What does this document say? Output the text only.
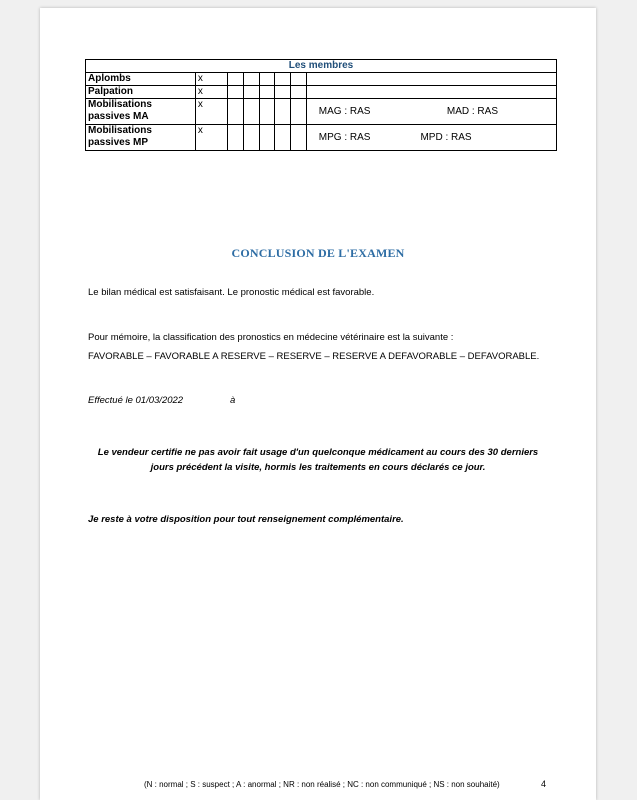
Les membres							
Aplombs	x						
Palpation	x						
Mobilisations passives MA	x						MAG : RAS MAD : RAS

Mobilisations passives MP	x						MPG : RAS MPD : RAS
CONCLUSION DE L'EXAMEN
Le bilan médical est satisfaisant. Le pronostic médical est favorable.
Pour mémoire, la classification des pronostics en médecine vétérinaire est la suivante :
FAVORABLE – FAVORABLE A RESERVE – RESERVE – RESERVE A DEFAVORABLE – DEFAVORABLE.
Effectué le 01/03/2022	à
Le vendeur certifie ne pas avoir fait usage d'un quelconque médicament au cours des 30 derniers
jours précédent la visite, hormis les traitements en cours déclarés ce jour.
Je reste à votre disposition pour tout renseignement complémentaire.
(N : normal ; S : suspect ; A : anormal ; NR : non réalisé ; NC : non communiqué ; NS : non souhaité)	4
